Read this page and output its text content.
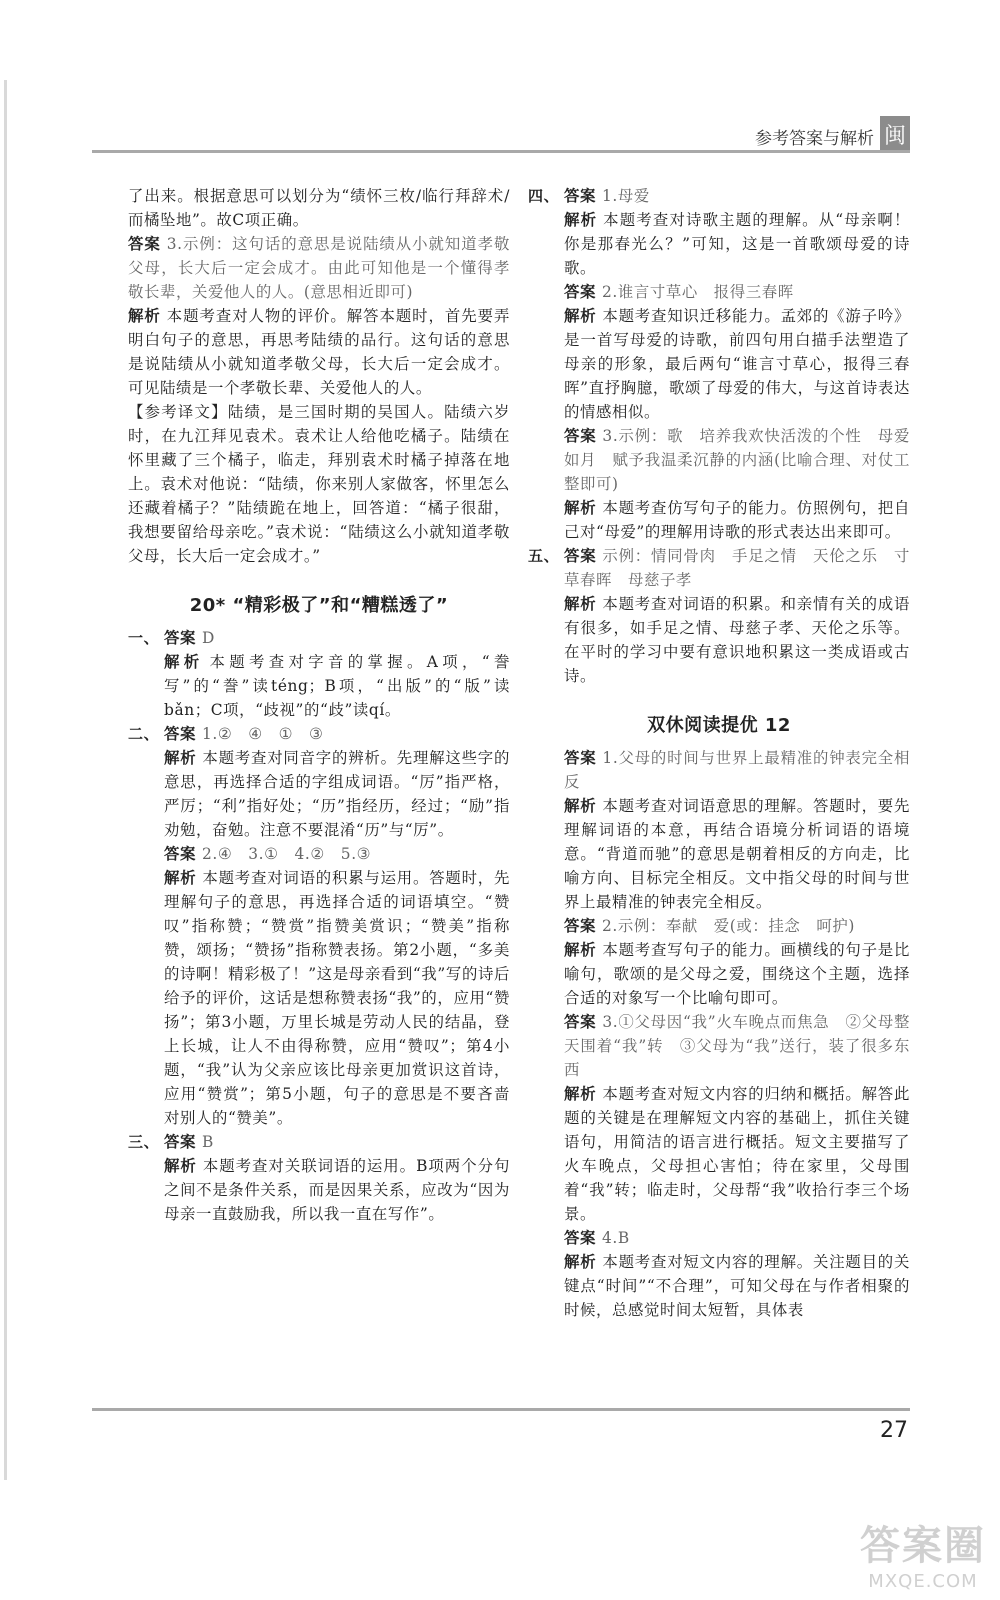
参考答案与解析 闽

了出来。根据意思可以划分为“绩怀三枚/临行拜辞术/而橘坠地”。故C项正确。

答案 3.示例：这句话的意思是说陆绩从小就知道孝敬父母，长大后一定会成才。由此可知他是一个懂得孝敬长辈，关爱他人的人。(意思相近即可)

解析 本题考查对人物的评价。解答本题时，首先要弄明白句子的意思，再思考陆绩的品行。这句话的意思是说陆绩从小就知道孝敬父母，长大后一定会成才。可见陆绩是一个孝敬长辈、关爱他人的人。

【参考译文】陆绩，是三国时期的吴国人。陆绩六岁时，在九江拜见袁术。袁术让人给他吃橘子。陆绩在怀里藏了三个橘子，临走，拜别袁术时橘子掉落在地上。袁术对他说：“陆绩，你来别人家做客，怀里怎么还藏着橘子？”陆绩跪在地上，回答道：“橘子很甜，我想要留给母亲吃。”袁术说：“陆绩这么小就知道孝敬父母，长大后一定会成才。”

20* “精彩极了”和“糟糕透了”

一、 答案 D

解析 本题考查对字音的掌握。A项，“誊写”的“誊”读téng；B项，“出版”的“版”读bǎn；C项，“歧视”的“歧”读qí。

二、 答案 1.②　④　①　③

解析 本题考查对同音字的辨析。先理解这些字的意思，再选择合适的字组成词语。“厉”指严格，严厉；“利”指好处；“历”指经历，经过；“励”指劝勉，奋勉。注意不要混淆“历”与“厉”。

答案 2.④　3.①　4.②　5.③

解析 本题考查对词语的积累与运用。答题时，先理解句子的意思，再选择合适的词语填空。“赞叹”指称赞；“赞赏”指赞美赏识；“赞美”指称赞，颂扬；“赞扬”指称赞表扬。第2小题，“多美的诗啊！精彩极了！”这是母亲看到“我”写的诗后给予的评价，这话是想称赞表扬“我”的，应用“赞扬”；第3小题，万里长城是劳动人民的结晶，登上长城，让人不由得称赞，应用“赞叹”；第4小题，“我”认为父亲应该比母亲更加赏识这首诗，应用“赞赏”；第5小题，句子的意思是不要吝啬对别人的“赞美”。

三、 答案 B

解析 本题考查对关联词语的运用。B项两个分句之间不是条件关系，而是因果关系，应改为“因为母亲一直鼓励我，所以我一直在写作”。

四、 答案 1.母爱

解析 本题考查对诗歌主题的理解。从“母亲啊！你是那春光么？”可知，这是一首歌颂母爱的诗歌。

答案 2.谁言寸草心　报得三春晖

解析 本题考查知识迁移能力。孟郊的《游子吟》是一首写母爱的诗歌，前四句用白描手法塑造了母亲的形象，最后两句“谁言寸草心，报得三春晖”直抒胸臆，歌颂了母爱的伟大，与这首诗表达的情感相似。

答案 3.示例：歌　培养我欢快活泼的个性　母爱如月　赋予我温柔沉静的内涵(比喻合理、对仗工整即可)

解析 本题考查仿写句子的能力。仿照例句，把自己对“母爱”的理解用诗歌的形式表达出来即可。

五、 答案 示例：情同骨肉　手足之情　天伦之乐　寸草春晖　母慈子孝

解析 本题考查对词语的积累。和亲情有关的成语有很多，如手足之情、母慈子孝、天伦之乐等。在平时的学习中要有意识地积累这一类成语或古诗。

双休阅读提优 12

答案 1.父母的时间与世界上最精准的钟表完全相反

解析 本题考查对词语意思的理解。答题时，要先理解词语的本意，再结合语境分析词语的语境意。“背道而驰”的意思是朝着相反的方向走，比喻方向、目标完全相反。文中指父母的时间与世界上最精准的钟表完全相反。

答案 2.示例：奉献　爱(或：挂念　呵护)

解析 本题考查写句子的能力。画横线的句子是比喻句，歌颂的是父母之爱，围绕这个主题，选择合适的对象写一个比喻句即可。

答案 3.①父母因“我”火车晚点而焦急　②父母整天围着“我”转　③父母为“我”送行，装了很多东西

解析 本题考查对短文内容的归纳和概括。解答此题的关键是在理解短文内容的基础上，抓住关键语句，用简洁的语言进行概括。短文主要描写了火车晚点，父母担心害怕；待在家里，父母围着“我”转；临走时，父母帮“我”收拾行李三个场景。

答案 4.B

解析 本题考查对短文内容的理解。关注题目的关键点“时间”“不合理”，可知父母在与作者相聚的时候，总感觉时间太短暂，具体表

27
答案圈
MXQE.COM
